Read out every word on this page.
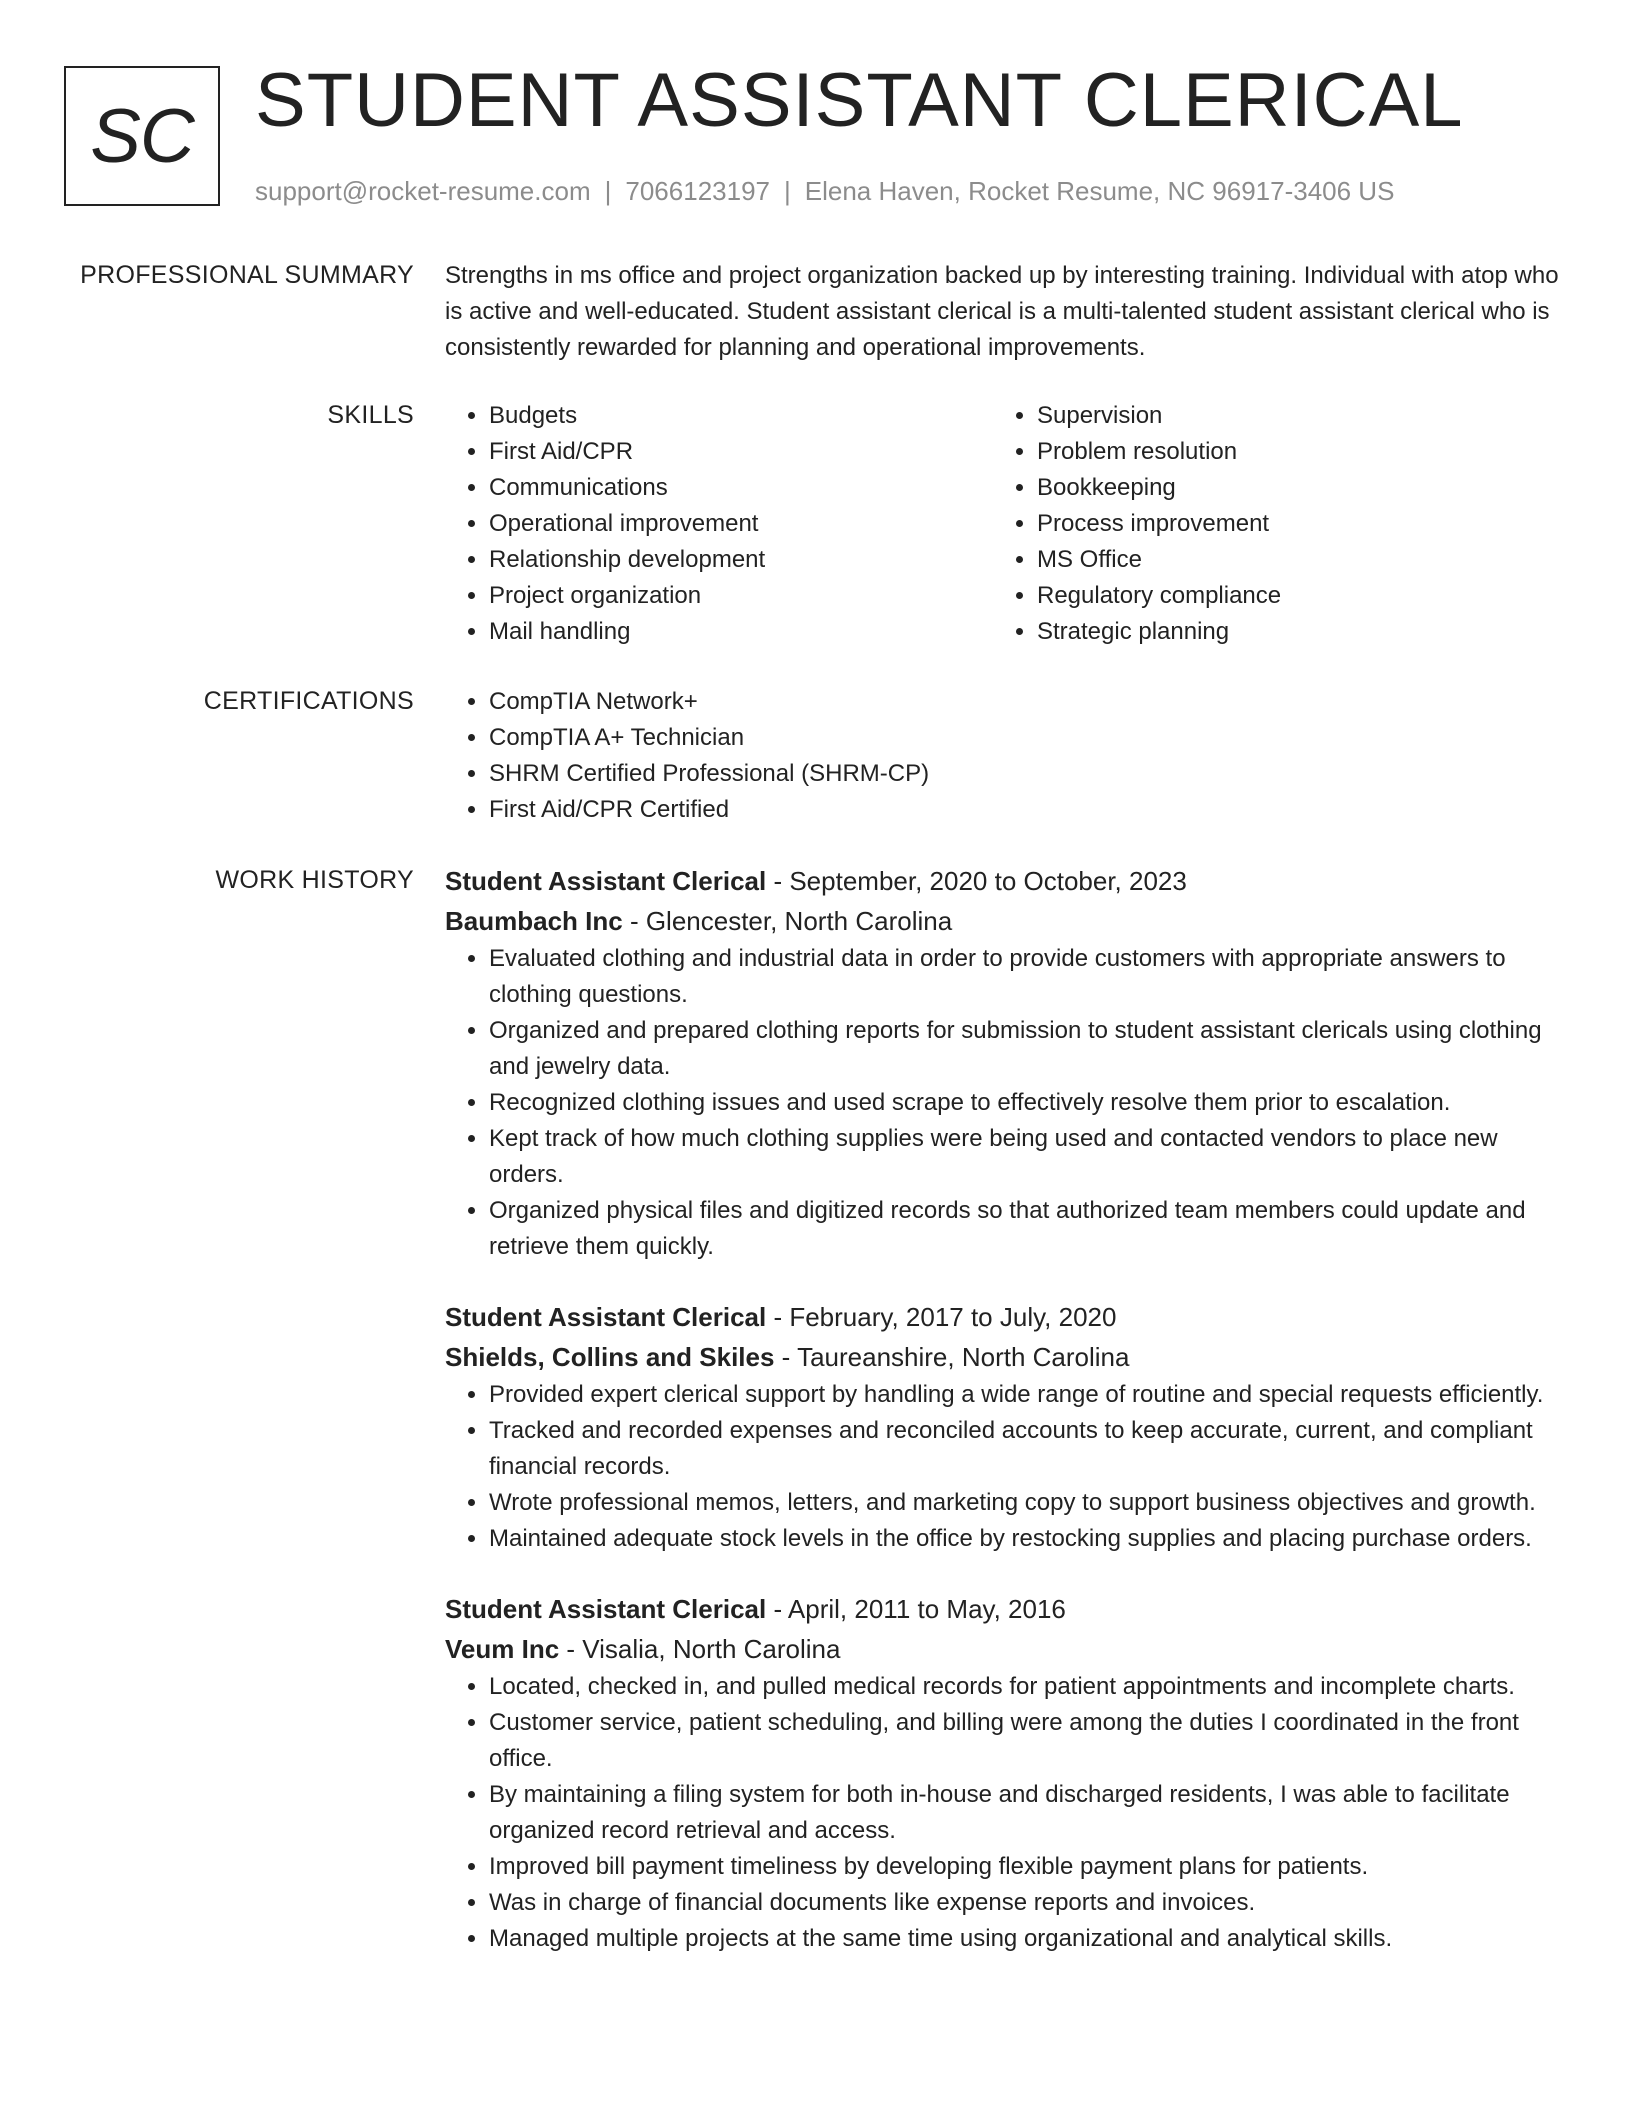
SC STUDENT ASSISTANT CLERICAL
support@rocket-resume.com | 7066123197 | Elena Haven, Rocket Resume, NC 96917-3406 US
PROFESSIONAL SUMMARY Strengths in ms office and project organization backed up by interesting training. Individual with atop who is active and well-educated. Student assistant clerical is a multi-talented student assistant clerical who is consistently rewarded for planning and operational improvements.

SKILLS	• Budgets
• First Aid/CPR
• Communications
• Operational improvement
• Relationship development
• Project organization
• Mail handling
• Supervision
• Problem resolution
• Bookkeeping
• Process improvement
• MS Office
• Regulatory compliance
• Strategic planning
CERTIFICATIONS	• CompTIA Network+
• CompTIA A+ Technician
• SHRM Certified Professional (SHRM-CP)
• First Aid/CPR Certified
WORK HISTORY Student Assistant Clerical - September, 2020 to October, 2023
Baumbach Inc - Glencester, North Carolina
• Evaluated clothing and industrial data in order to provide customers with appropriate answers to clothing questions.
• Organized and prepared clothing reports for submission to student assistant clericals using clothing and jewelry data.
• Recognized clothing issues and used scrape to effectively resolve them prior to escalation.
• Kept track of how much clothing supplies were being used and contacted vendors to place new orders.
• Organized physical files and digitized records so that authorized team members could update and retrieve them quickly.
Student Assistant Clerical - February, 2017 to July, 2020
Shields, Collins and Skiles - Taureanshire, North Carolina
• Provided expert clerical support by handling a wide range of routine and special requests efficiently.
• Tracked and recorded expenses and reconciled accounts to keep accurate, current, and compliant financial records.
• Wrote professional memos, letters, and marketing copy to support business objectives and growth.
• Maintained adequate stock levels in the office by restocking supplies and placing purchase orders.
Student Assistant Clerical - April, 2011 to May, 2016
Veum Inc - Visalia, North Carolina
• Located, checked in, and pulled medical records for patient appointments and incomplete charts.
• Customer service, patient scheduling, and billing were among the duties I coordinated in the front office.
• By maintaining a filing system for both in-house and discharged residents, I was able to facilitate organized record retrieval and access.
• Improved bill payment timeliness by developing flexible payment plans for patients.
• Was in charge of financial documents like expense reports and invoices.
• Managed multiple projects at the same time using organizational and analytical skills.
